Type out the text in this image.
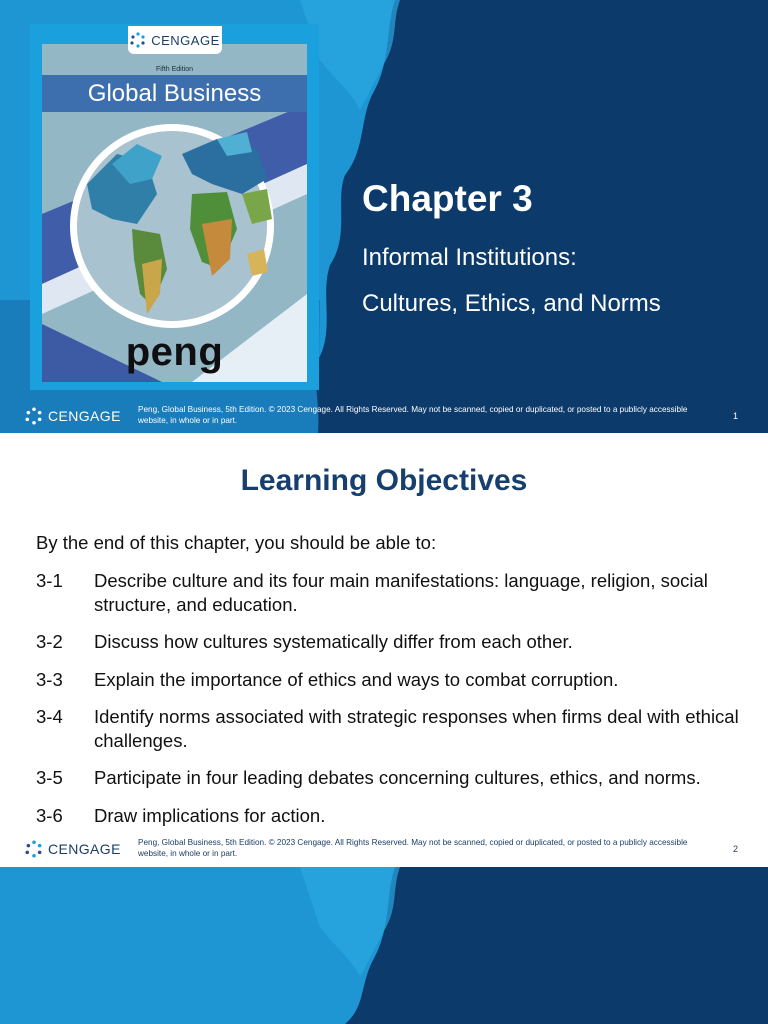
CENGAGE
Fifth Edition
Global Business
peng
Chapter 3
Informal Institutions:
Cultures, Ethics, and Norms
CENGAGE Peng, Global Business, 5th Edition. © 2023 Cengage. All Rights Reserved. May not be scanned, copied or duplicated, or posted to a publicly accessible website, in whole or in part.	1
Learning Objectives

By the end of this chapter, you should be able to:

3-1	Describe culture and its four main manifestations: language, religion, social structure, and education.
3-2	Discuss how cultures systematically differ from each other.
3-3	Explain the importance of ethics and ways to combat corruption.
3-4	Identify norms associated with strategic responses when firms deal with ethical challenges.
3-5	Participate in four leading debates concerning cultures, ethics, and norms.
3-6	Draw implications for action.
CENGAGE Peng, Global Business, 5th Edition. © 2023 Cengage. All Rights Reserved. May not be scanned, copied or duplicated, or posted to a publicly accessible website, in whole or in part.	2
